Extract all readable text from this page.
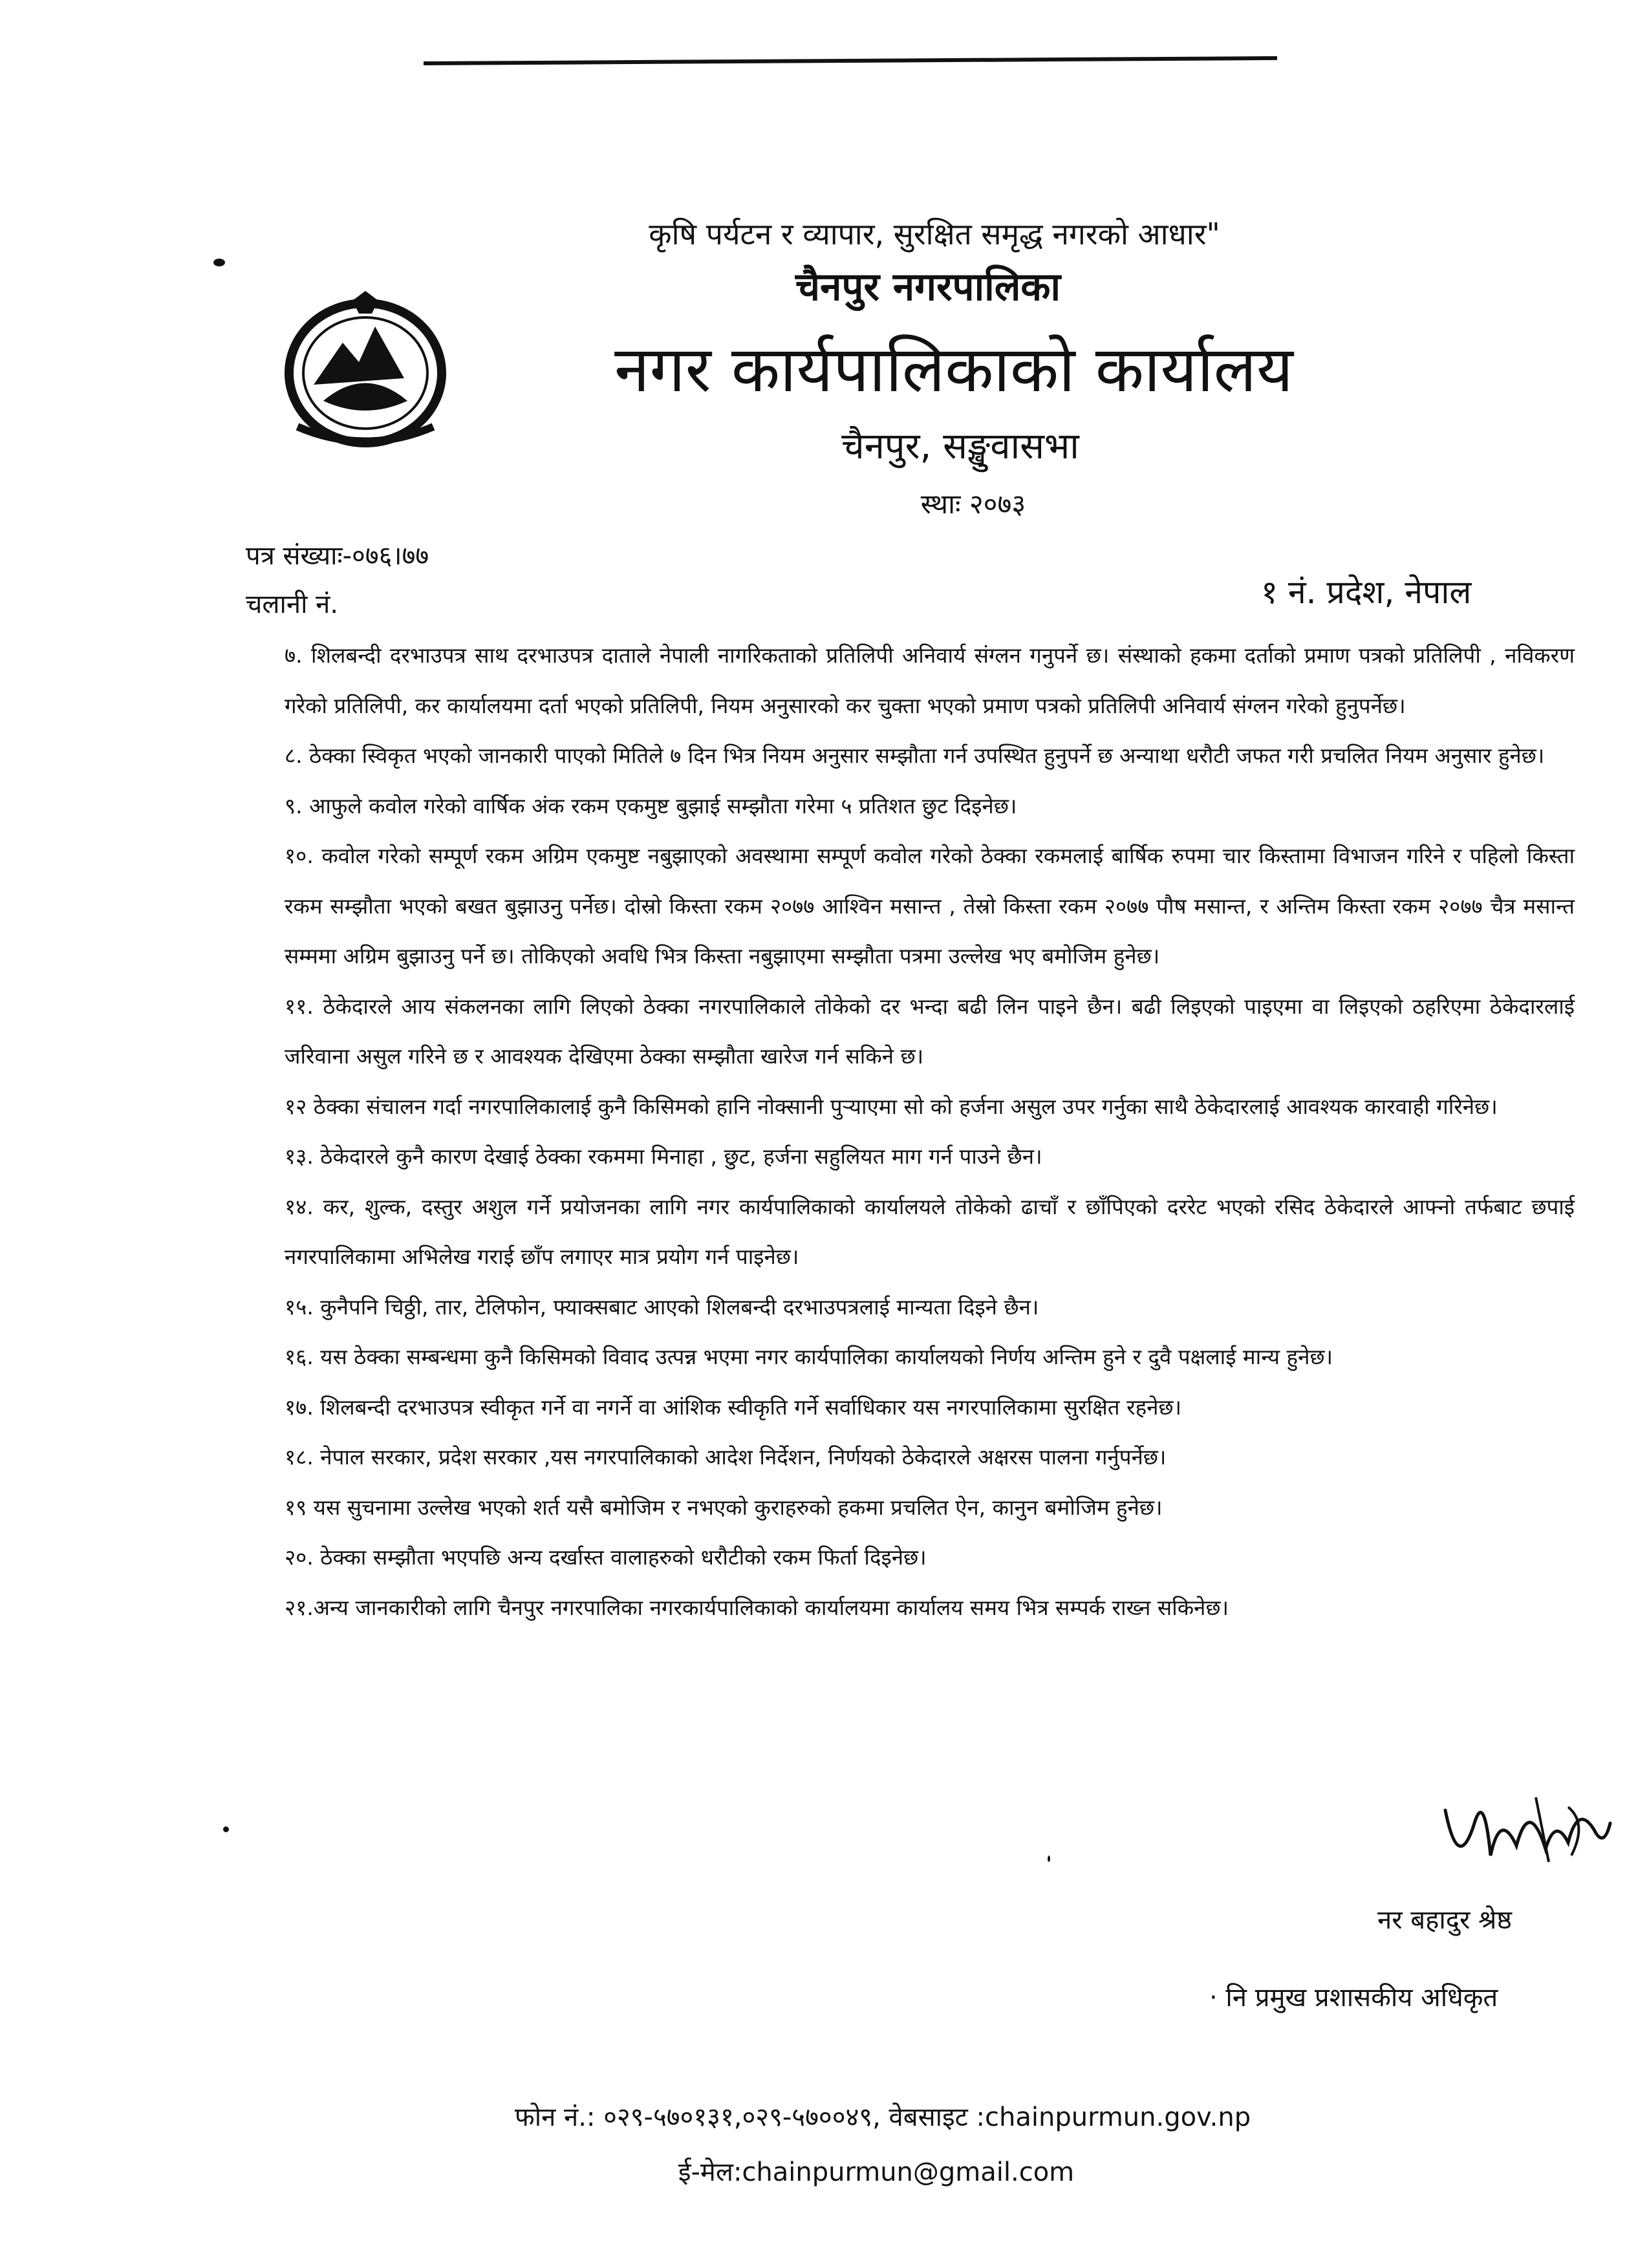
कृषि पर्यटन र व्यापार, सुरक्षित समृद्ध नगरको आधार"
चैनपुर नगरपालिका
नगर कार्यपालिकाको कार्यालय
चैनपुर, सङ्खुवासभा
स्थाः २०७३
पत्र संख्याः-०७६।७७
चलानी नं.	१ नं. प्रदेश, नेपाल

७. शिलबन्दी दरभाउपत्र साथ दरभाउपत्र दाताले नेपाली नागरिकताको प्रतिलिपी अनिवार्य संग्लन गनुपर्ने छ। संस्थाको हकमा दर्ताको प्रमाण पत्रको प्रतिलिपी , नविकरण गरेको प्रतिलिपी, कर कार्यालयमा दर्ता भएको प्रतिलिपी, नियम अनुसारको कर चुक्ता भएको प्रमाण पत्रको प्रतिलिपी अनिवार्य संग्लन गरेको हुनुपर्नेछ।

८. ठेक्का स्विकृत भएको जानकारी पाएको मितिले ७ दिन भित्र नियम अनुसार सम्झौता गर्न उपस्थित हुनुपर्ने छ अन्याथा धरौटी जफत गरी प्रचलित नियम अनुसार हुनेछ।

९. आफुले कवोल गरेको वार्षिक अंक रकम एकमुष्ट बुझाई सम्झौता गरेमा ५ प्रतिशत छुट दिइनेछ।

१०. कवोल गरेको सम्पूर्ण रकम अग्रिम एकमुष्ट नबुझाएको अवस्थामा सम्पूर्ण कवोल गरेको ठेक्का रकमलाई बार्षिक रुपमा चार किस्तामा विभाजन गरिने र पहिलो किस्ता रकम सम्झौता भएको बखत बुझाउनु पर्नेछ। दोस्रो किस्ता रकम २०७७ आश्विन मसान्त , तेस्रो किस्ता रकम २०७७ पौष मसान्त, र अन्तिम किस्ता रकम २०७७ चैत्र मसान्त सम्ममा अग्रिम बुझाउनु पर्ने छ। तोकिएको अवधि भित्र किस्ता नबुझाएमा सम्झौता पत्रमा उल्लेख भए बमोजिम हुनेछ।

११. ठेकेदारले आय संकलनका लागि लिएको ठेक्का नगरपालिकाले तोकेको दर भन्दा बढी लिन पाइने छैन। बढी लिइएको पाइएमा वा लिइएको ठहरिएमा ठेकेदारलाई जरिवाना असुल गरिने छ र आवश्यक देखिएमा ठेक्का सम्झौता खारेज गर्न सकिने छ।

१२ ठेक्का संचालन गर्दा नगरपालिकालाई कुनै किसिमको हानि नोक्सानी पुऱ्याएमा सो को हर्जना असुल उपर गर्नुका साथै ठेकेदारलाई आवश्यक कारवाही गरिनेछ।

१३. ठेकेदारले कुनै कारण देखाई ठेक्का रकममा मिनाहा , छुट, हर्जना सहुलियत माग गर्न पाउने छैन।

१४. कर, शुल्क, दस्तुर अशुल गर्ने प्रयोजनका लागि नगर कार्यपालिकाको कार्यालयले तोकेको ढाचाँ र छाँपिएको दररेट भएको रसिद ठेकेदारले आफ्नो तर्फबाट छपाई नगरपालिकामा अभिलेख गराई छाँप लगाएर मात्र प्रयोग गर्न पाइनेछ।

१५. कुनैपनि चिठ्ठी, तार, टेलिफोन, फ्याक्सबाट आएको शिलबन्दी दरभाउपत्रलाई मान्यता दिइने छैन।

१६. यस ठेक्का सम्बन्धमा कुनै किसिमको विवाद उत्पन्न भएमा नगर कार्यपालिका कार्यालयको निर्णय अन्तिम हुने र दुवै पक्षलाई मान्य हुनेछ।

१७. शिलबन्दी दरभाउपत्र स्वीकृत गर्ने वा नगर्ने वा आंशिक स्वीकृति गर्ने सर्वाधिकार यस नगरपालिकामा सुरक्षित रहनेछ।

१८. नेपाल सरकार, प्रदेश सरकार ,यस नगरपालिकाको आदेश निर्देशन, निर्णयको ठेकेदारले अक्षरस पालना गर्नुपर्नेछ।

१९ यस सुचनामा उल्लेख भएको शर्त यसै बमोजिम र नभएको कुराहरुको हकमा प्रचलित ऐन, कानुन बमोजिम हुनेछ।

२०. ठेक्का सम्झौता भएपछि अन्य दर्खास्त वालाहरुको धरौटीको रकम फिर्ता दिइनेछ।

२१.अन्य जानकारीको लागि चैनपुर नगरपालिका नगरकार्यपालिकाको कार्यालयमा कार्यालय समय भित्र सम्पर्क राख्न सकिनेछ।

नर बहादुर श्रेष्ठ
· नि प्रमुख प्रशासकीय अधिकृत
फोन नं.: ०२९-५७०१३१,०२९-५७००४९, वेबसाइट :chainpurmun.gov.np
ई-मेल:chainpurmun@gmail.com
